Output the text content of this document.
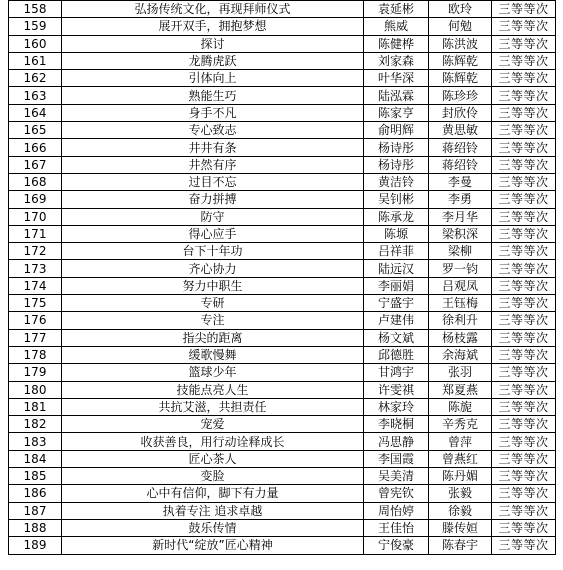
158	弘扬传统文化，再现拜师仪式	袁延彬	欧玲	三等等次
159	展开双手，拥抱梦想	熊威	何勉	三等等次
160	探讨	陈健桦	陈洪波	三等等次
161	龙腾虎跃	刘家森	陈辉乾	三等等次
162	引体向上	叶华深	陈辉乾	三等等次
163	熟能生巧	陆泓霖	陈珍珍	三等等次
164	身手不凡	陈家亨	封欣伶	三等等次
165	专心致志	俞明辉	黄思敏	三等等次
166	井井有条	杨诗彤	蒋绍铃	三等等次
167	井然有序	杨诗彤	蒋绍铃	三等等次
168	过目不忘	黄洁铃	李曼	三等等次
169	奋力拼搏	吴钊彬	李勇	三等等次
170	防守	陈承龙	李月华	三等等次
171	得心应手	陈塬	梁积深	三等等次
172	台下十年功	吕祥菲	梁柳	三等等次
173	齐心协力	陆远汉	罗一钧	三等等次
174	努力中职生	李丽娟	吕观凤	三等等次
175	专研	宁盛宇	王钰梅	三等等次
176	专注	卢建伟	徐利升	三等等次
177	指尖的距离	杨文斌	杨枝露	三等等次
178	缓歌慢舞	邱德胜	余海斌	三等等次
179	篮球少年	甘鸿宇	张羽	三等等次
180	技能点亮人生	许雯祺	郑夏燕	三等等次
181	共抗艾滋，共担责任	林家玲	陈旎	三等等次
182	宠爱	李晓桐	辛秀克	三等等次
183	收获善良，用行动诠释成长	冯思静	曾萍	三等等次
184	匠心茶人	李国霞	曾燕红	三等等次
185	变脸	吴美清	陈丹媚	三等等次
186	心中有信仰，脚下有力量	曾宪钦	张毅	三等等次
187	执着专注 追求卓越	周怡婷	徐毅	三等等次
188	鼓乐传情	王佳怡	滕传姮	三等等次
189	新时代“绽放”匠心精神	宁俊豪	陈春宇	三等等次
